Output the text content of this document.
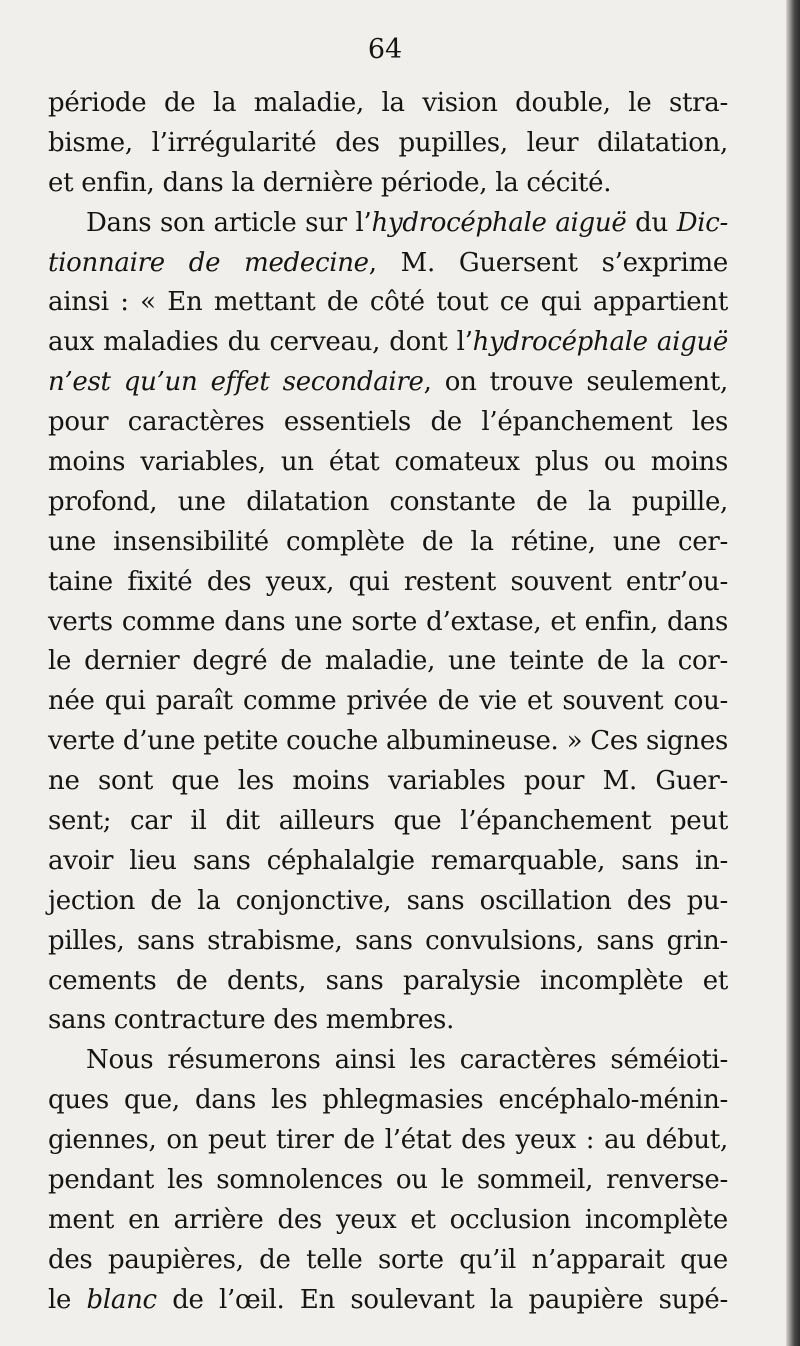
64
période de la maladie, la vision double, le stra-
bisme, l’irrégularité des pupilles, leur dilatation,
et enfin, dans la dernière période, la cécité.
Dans son article sur l’hydrocéphale aiguë du Dic-
tionnaire de medecine, M. Guersent s’exprime
ainsi : « En mettant de côté tout ce qui appartient
aux maladies du cerveau, dont l’hydrocéphale aiguë
n’est qu’un effet secondaire, on trouve seulement,
pour caractères essentiels de l’épanchement les
moins variables, un état comateux plus ou moins
profond, une dilatation constante de la pupille,
une insensibilité complète de la rétine, une cer-
taine fixité des yeux, qui restent souvent entr’ou-
verts comme dans une sorte d’extase, et enfin, dans
le dernier degré de maladie, une teinte de la cor-
née qui paraît comme privée de vie et souvent cou-
verte d’une petite couche albumineuse. » Ces signes
ne sont que les moins variables pour M. Guer-
sent; car il dit ailleurs que l’épanchement peut
avoir lieu sans céphalalgie remarquable, sans in-
jection de la conjonctive, sans oscillation des pu-
pilles, sans strabisme, sans convulsions, sans grin-
cements de dents, sans paralysie incomplète et
sans contracture des membres.
Nous résumerons ainsi les caractères séméioti-
ques que, dans les phlegmasies encéphalo-ménin-
giennes, on peut tirer de l’état des yeux : au début,
pendant les somnolences ou le sommeil, renverse-
ment en arrière des yeux et occlusion incomplète
des paupières, de telle sorte qu’il n’apparait que
le blanc de l’œil. En soulevant la paupière supé-
